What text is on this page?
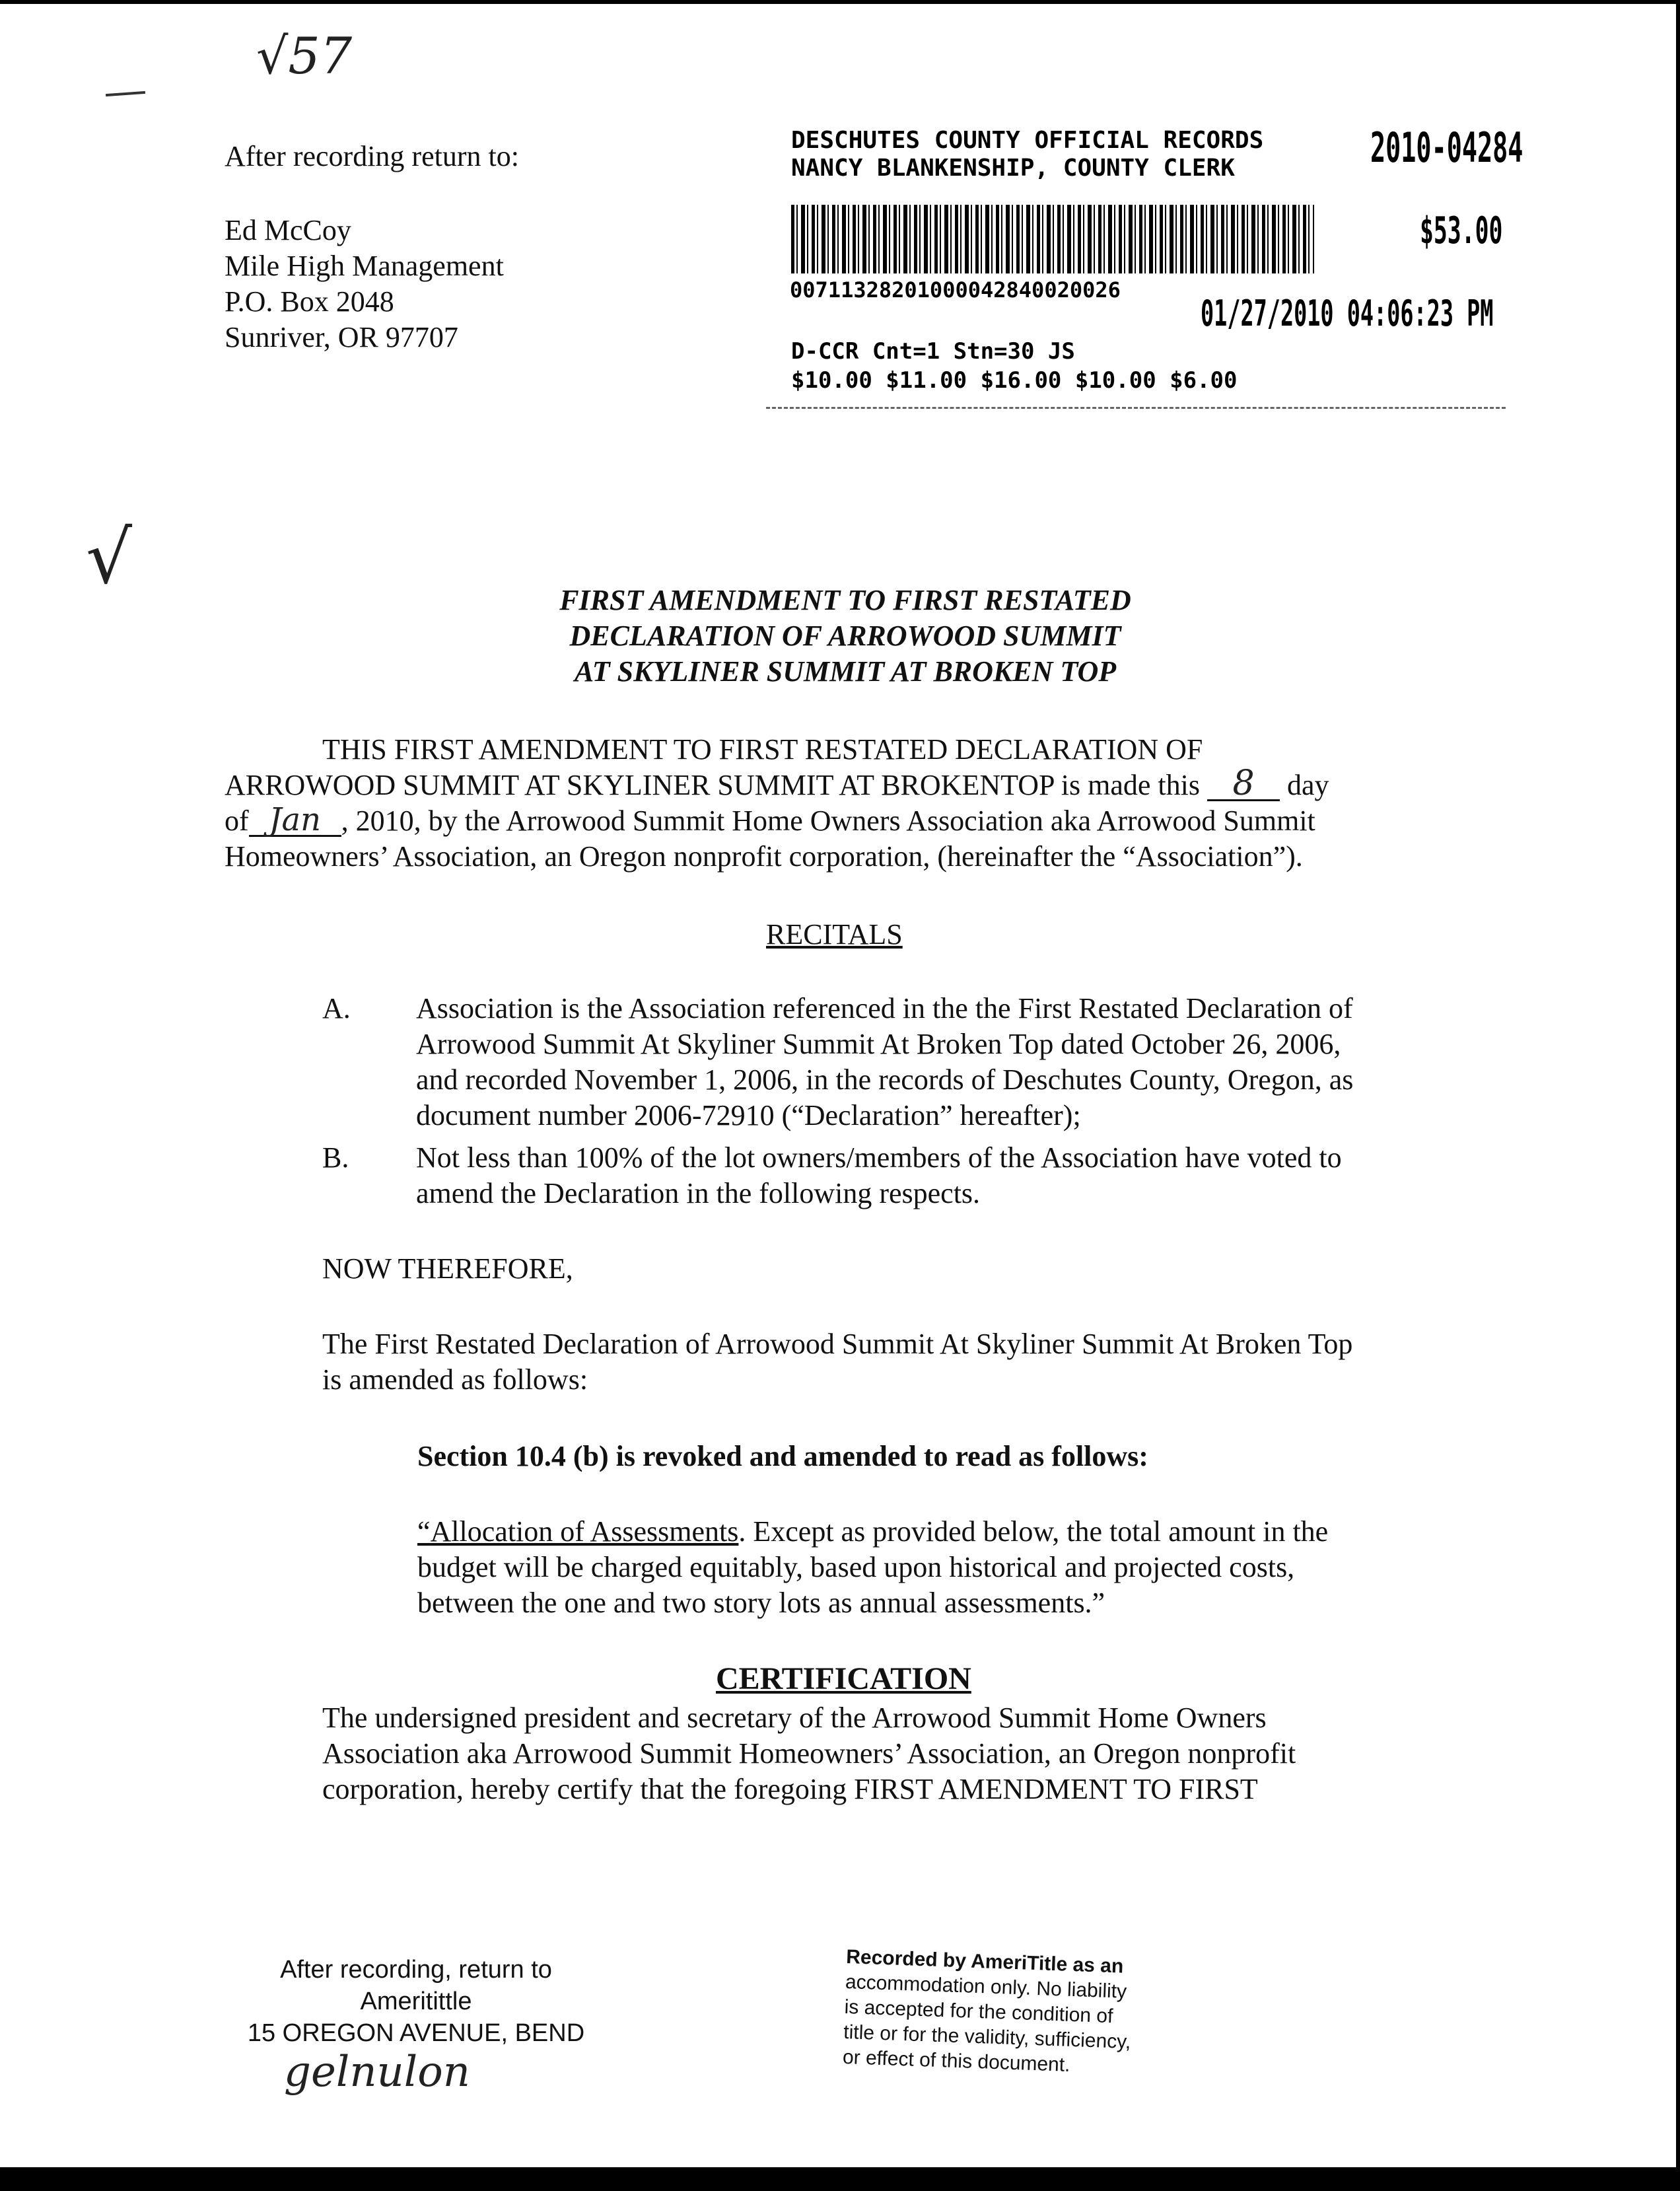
√57
√
After recording return to:
Ed McCoy
Mile High Management
P.O. Box 2048
Sunriver, OR 97707
DESCHUTES COUNTY OFFICIAL RECORDS
NANCY BLANKENSHIP, COUNTY CLERK	2010-04284
$53.00
00711328201000042840020026
01/27/2010 04:06:23 PM
D-CCR Cnt=1 Stn=30 JS
$10.00 $11.00 $16.00 $10.00 $6.00
FIRST AMENDMENT TO FIRST RESTATED
DECLARATION OF ARROWOOD SUMMIT
AT SKYLINER SUMMIT AT BROKEN TOP
THIS FIRST AMENDMENT TO FIRST RESTATED DECLARATION OF
ARROWOOD SUMMIT AT SKYLINER SUMMIT AT BROKENTOP is made this 8 day
of Jan , 2010, by the Arrowood Summit Home Owners Association aka Arrowood Summit
Homeowners’ Association, an Oregon nonprofit corporation, (hereinafter the “Association”).
RECITALS
A. Association is the Association referenced in the the First Restated Declaration of
Arrowood Summit At Skyliner Summit At Broken Top dated October 26, 2006,
and recorded November 1, 2006, in the records of Deschutes County, Oregon, as
document number 2006-72910 (“Declaration” hereafter);
B. Not less than 100% of the lot owners/members of the Association have voted to
amend the Declaration in the following respects.
NOW THEREFORE,
The First Restated Declaration of Arrowood Summit At Skyliner Summit At Broken Top
is amended as follows:
Section 10.4 (b) is revoked and amended to read as follows:
“Allocation of Assessments. Except as provided below, the total amount in the
budget will be charged equitably, based upon historical and projected costs,
between the one and two story lots as annual assessments.”
CERTIFICATION
The undersigned president and secretary of the Arrowood Summit Home Owners
Association aka Arrowood Summit Homeowners’ Association, an Oregon nonprofit
corporation, hereby certify that the foregoing FIRST AMENDMENT TO FIRST
After recording, return to
Ameritittle
15 OREGON AVENUE, BEND
gelnulon
Recorded by AmeriTitle as an
accommodation only. No liability
is accepted for the condition of
title or for the validity, sufficiency,
or effect of this document.
